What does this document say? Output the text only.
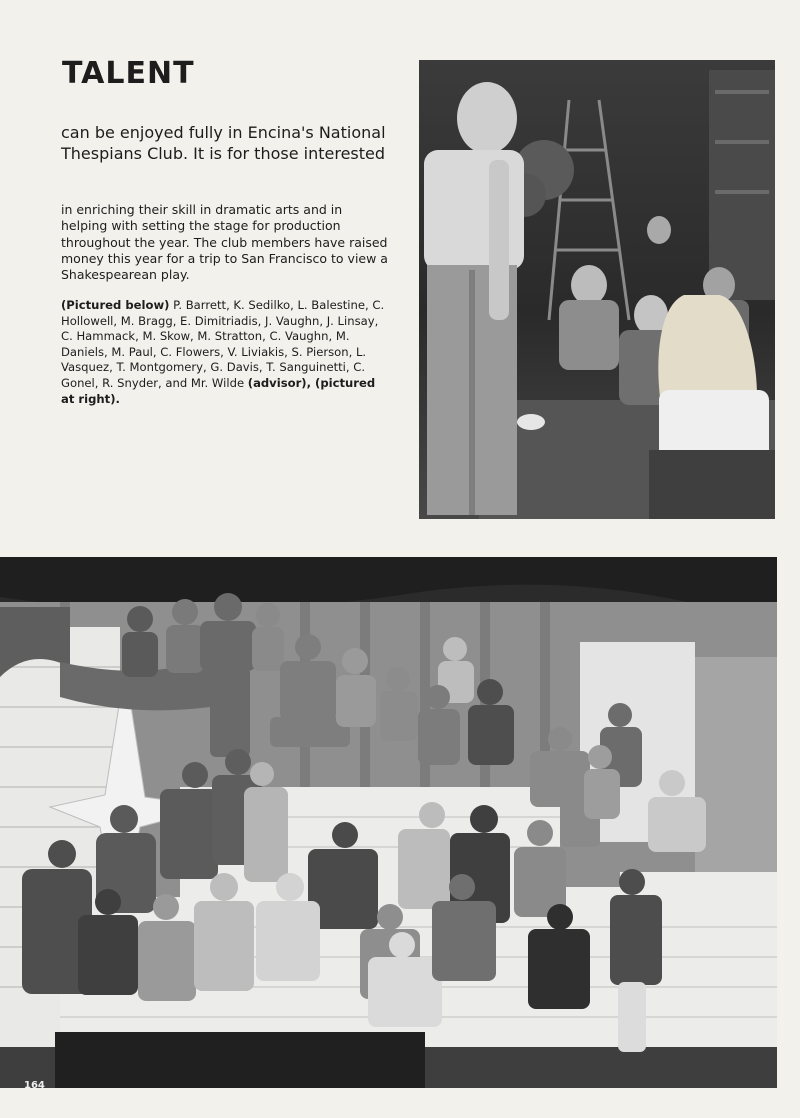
TALENT

can be enjoyed fully in Encina's National Thespians Club. It is for those interested

in enriching their skill in dramatic arts and in helping with setting the stage for production throughout the year. The club members have raised money this year for a trip to San Francisco to view a Shakespearean play.

(Pictured below) P. Barrett, K. Sedilko, L. Balestine, C. Hollowell, M. Bragg, E. Dimitriadis, J. Vaughn, J. Linsay, C. Hammack, M. Skow, M. Stratton, C. Vaughn, M. Daniels, M. Paul, C. Flowers, V. Liviakis, S. Pierson, L. Vasquez, T. Montgomery, G. Davis, T. Sanguinetti, C. Gonel, R. Snyder, and Mr. Wilde (advisor), (pictured at right).

164
